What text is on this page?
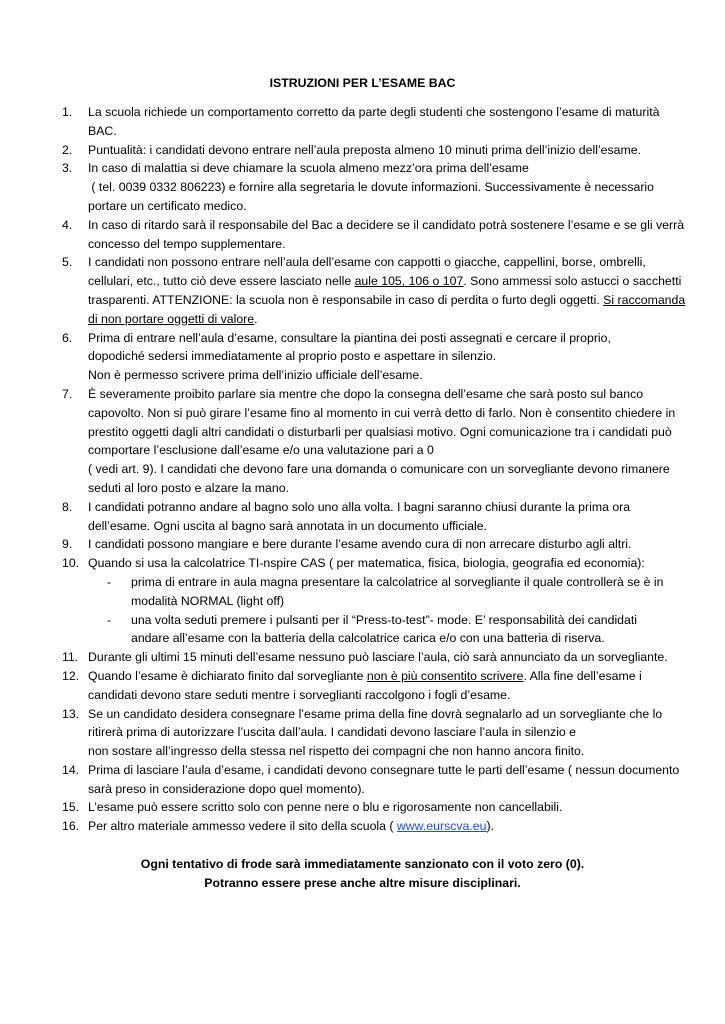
ISTRUZIONI PER L’ESAME BAC
1. La scuola richiede un comportamento corretto da parte degli studenti che sostengono l’esame di maturità
BAC.
2. Puntualità: i candidati devono entrare nell’aula preposta almeno 10 minuti prima dell’inizio dell’esame.
3. In caso di malattia si deve chiamare la scuola almeno mezz’ora prima dell’esame
( tel. 0039 0332 806223) e fornire alla segretaria le dovute informazioni. Successivamente è necessario
portare un certificato medico.
4. In caso di ritardo sarà il responsabile del Bac a decidere se il candidato potrà sostenere l’esame e se gli verrà
concesso del tempo supplementare.
5. I candidati non possono entrare nell’aula dell’esame con cappotti o giacche, cappellini, borse, ombrelli,
cellulari, etc., tutto ciò deve essere lasciato nelle aule 105, 106 o 107. Sono ammessi solo astucci o sacchetti
trasparenti. ATTENZIONE: la scuola non è responsabile in caso di perdita o furto degli oggetti. Si raccomanda
di non portare oggetti di valore.
6. Prima di entrare nell’aula d’esame, consultare la piantina dei posti assegnati e cercare il proprio,
dopodiché sedersi immediatamente al proprio posto e aspettare in silenzio.
Non è permesso scrivere prima dell’inizio ufficiale dell’esame.
7. È severamente proibito parlare sia mentre che dopo la consegna dell’esame che sarà posto sul banco
capovolto. Non si può girare l’esame fino al momento in cui verrà detto di farlo. Non è consentito chiedere in
prestito oggetti dagli altri candidati o disturbarli per qualsiasi motivo. Ogni comunicazione tra i candidati può
comportare l’esclusione dall’esame e/o una valutazione pari a 0
( vedi art. 9). I candidati che devono fare una domanda o comunicare con un sorvegliante devono rimanere
seduti al loro posto e alzare la mano.
8. I candidati potranno andare al bagno solo uno alla volta. I bagni saranno chiusi durante la prima ora
dell’esame. Ogni uscita al bagno sarà annotata in un documento ufficiale.
9. I candidati possono mangiare e bere durante l’esame avendo cura di non arrecare disturbo agli altri.
10. Quando si usa la calcolatrice TI-nspire CAS ( per matematica, fisica, biologia, geografia ed economia):
- prima di entrare in aula magna presentare la calcolatrice al sorvegliante il quale controllerà se è in
modalità NORMAL (light off)
- una volta seduti premere i pulsanti per il “Press-to-test”- mode. E’ responsabilità dei candidati
andare all’esame con la batteria della calcolatrice carica e/o con una batteria di riserva.
11. Durante gli ultimi 15 minuti dell’esame nessuno può lasciare l’aula, ciò sarà annunciato da un sorvegliante.
12. Quando l’esame è dichiarato finito dal sorvegliante non è più consentito scrivere. Alla fine dell’esame i
candidati devono stare seduti mentre i sorveglianti raccolgono i fogli d’esame.
13. Se un candidato desidera consegnare l’esame prima della fine dovrà segnalarlo ad un sorvegliante che lo
ritirerà prima di autorizzare l’uscita dall’aula. I candidati devono lasciare l’aula in silenzio e
non sostare all’ingresso della stessa nel rispetto dei compagni che non hanno ancora finito.
14. Prima di lasciare l’aula d’esame, i candidati devono consegnare tutte le parti dell’esame ( nessun documento
sarà preso in considerazione dopo quel momento).
15. L’esame può essere scritto solo con penne nere o blu e rigorosamente non cancellabili.
16. Per altro materiale ammesso vedere il sito della scuola ( www.eurscva.eu).
Ogni tentativo di frode sarà immediatamente sanzionato con il voto zero (0).
Potranno essere prese anche altre misure disciplinari.
